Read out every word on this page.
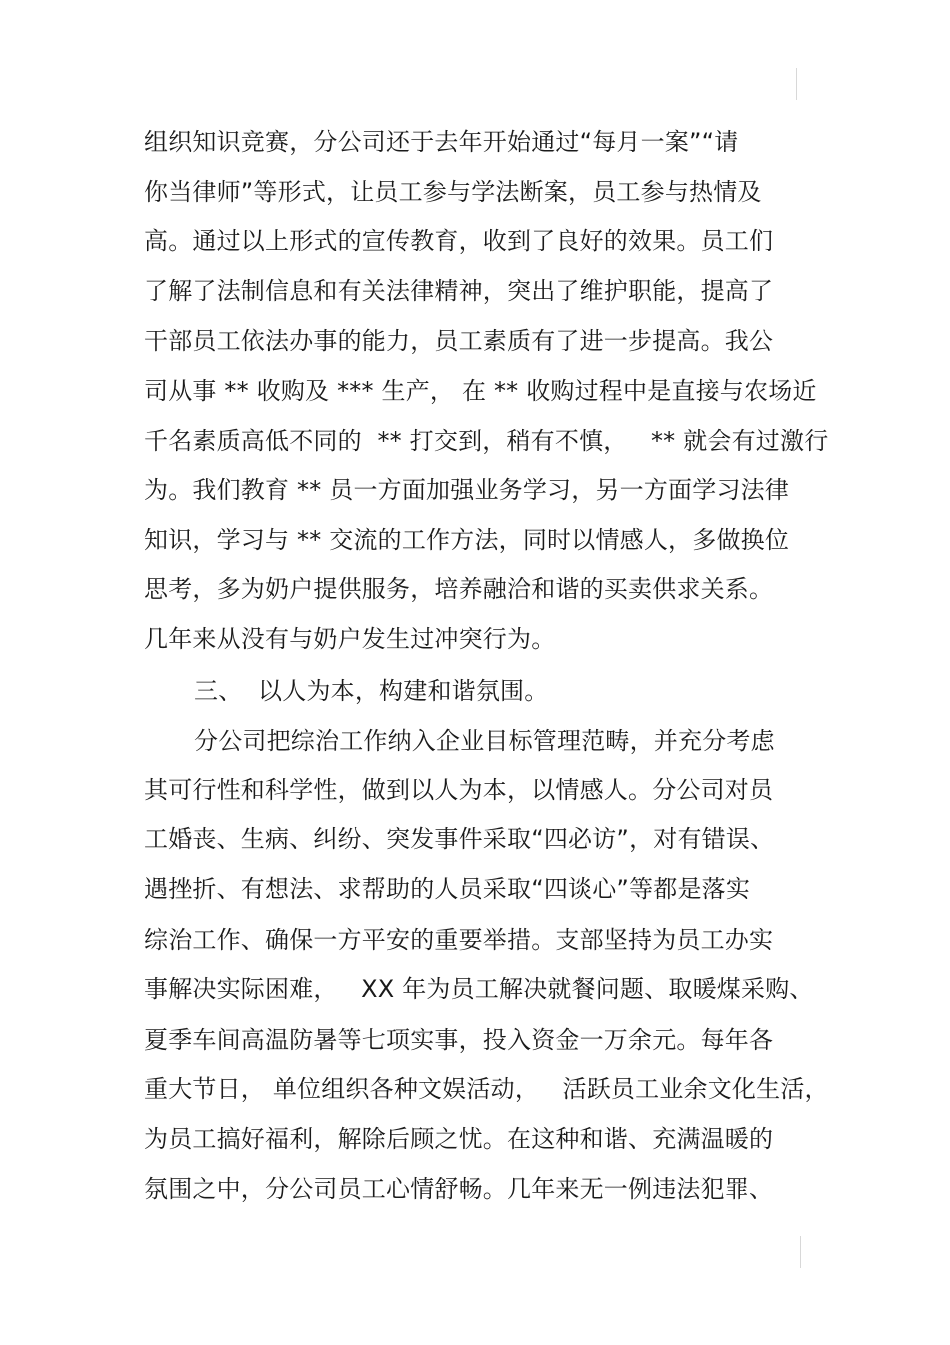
组织知识竞赛，分公司还于去年开始通过“每月一案”“请
你当律师”等形式，让员工参与学法断案，员工参与热情及
高。通过以上形式的宣传教育，收到了良好的效果。员工们
了解了法制信息和有关法律精神，突出了维护职能，提高了
干部员工依法办事的能力，员工素质有了进一步提高。我公
司从事 ** 收购及 *** 生产， 在 ** 收购过程中是直接与农场近
千名素质高低不同的  ** 打交到，稍有不慎，   ** 就会有过激行
为。我们教育 ** 员一方面加强业务学习，另一方面学习法律
知识，学习与 ** 交流的工作方法，同时以情感人，多做换位
思考，多为奶户提供服务，培养融洽和谐的买卖供求关系。
几年来从没有与奶户发生过冲突行为。
三、  以人为本，构建和谐氛围。
分公司把综治工作纳入企业目标管理范畴，并充分考虑
其可行性和科学性，做到以人为本，以情感人。分公司对员
工婚丧、生病、纠纷、突发事件采取“四必访”，对有错误、
遇挫折、有想法、求帮助的人员采取“四谈心”等都是落实
综治工作、确保一方平安的重要举措。支部坚持为员工办实
事解决实际困难，   XX 年为员工解决就餐问题、取暖煤采购、
夏季车间高温防暑等七项实事，投入资金一万余元。每年各
重大节日， 单位组织各种文娱活动，   活跃员工业余文化生活，
为员工搞好福利，解除后顾之忧。在这种和谐、充满温暖的
氛围之中，分公司员工心情舒畅。几年来无一例违法犯罪、
